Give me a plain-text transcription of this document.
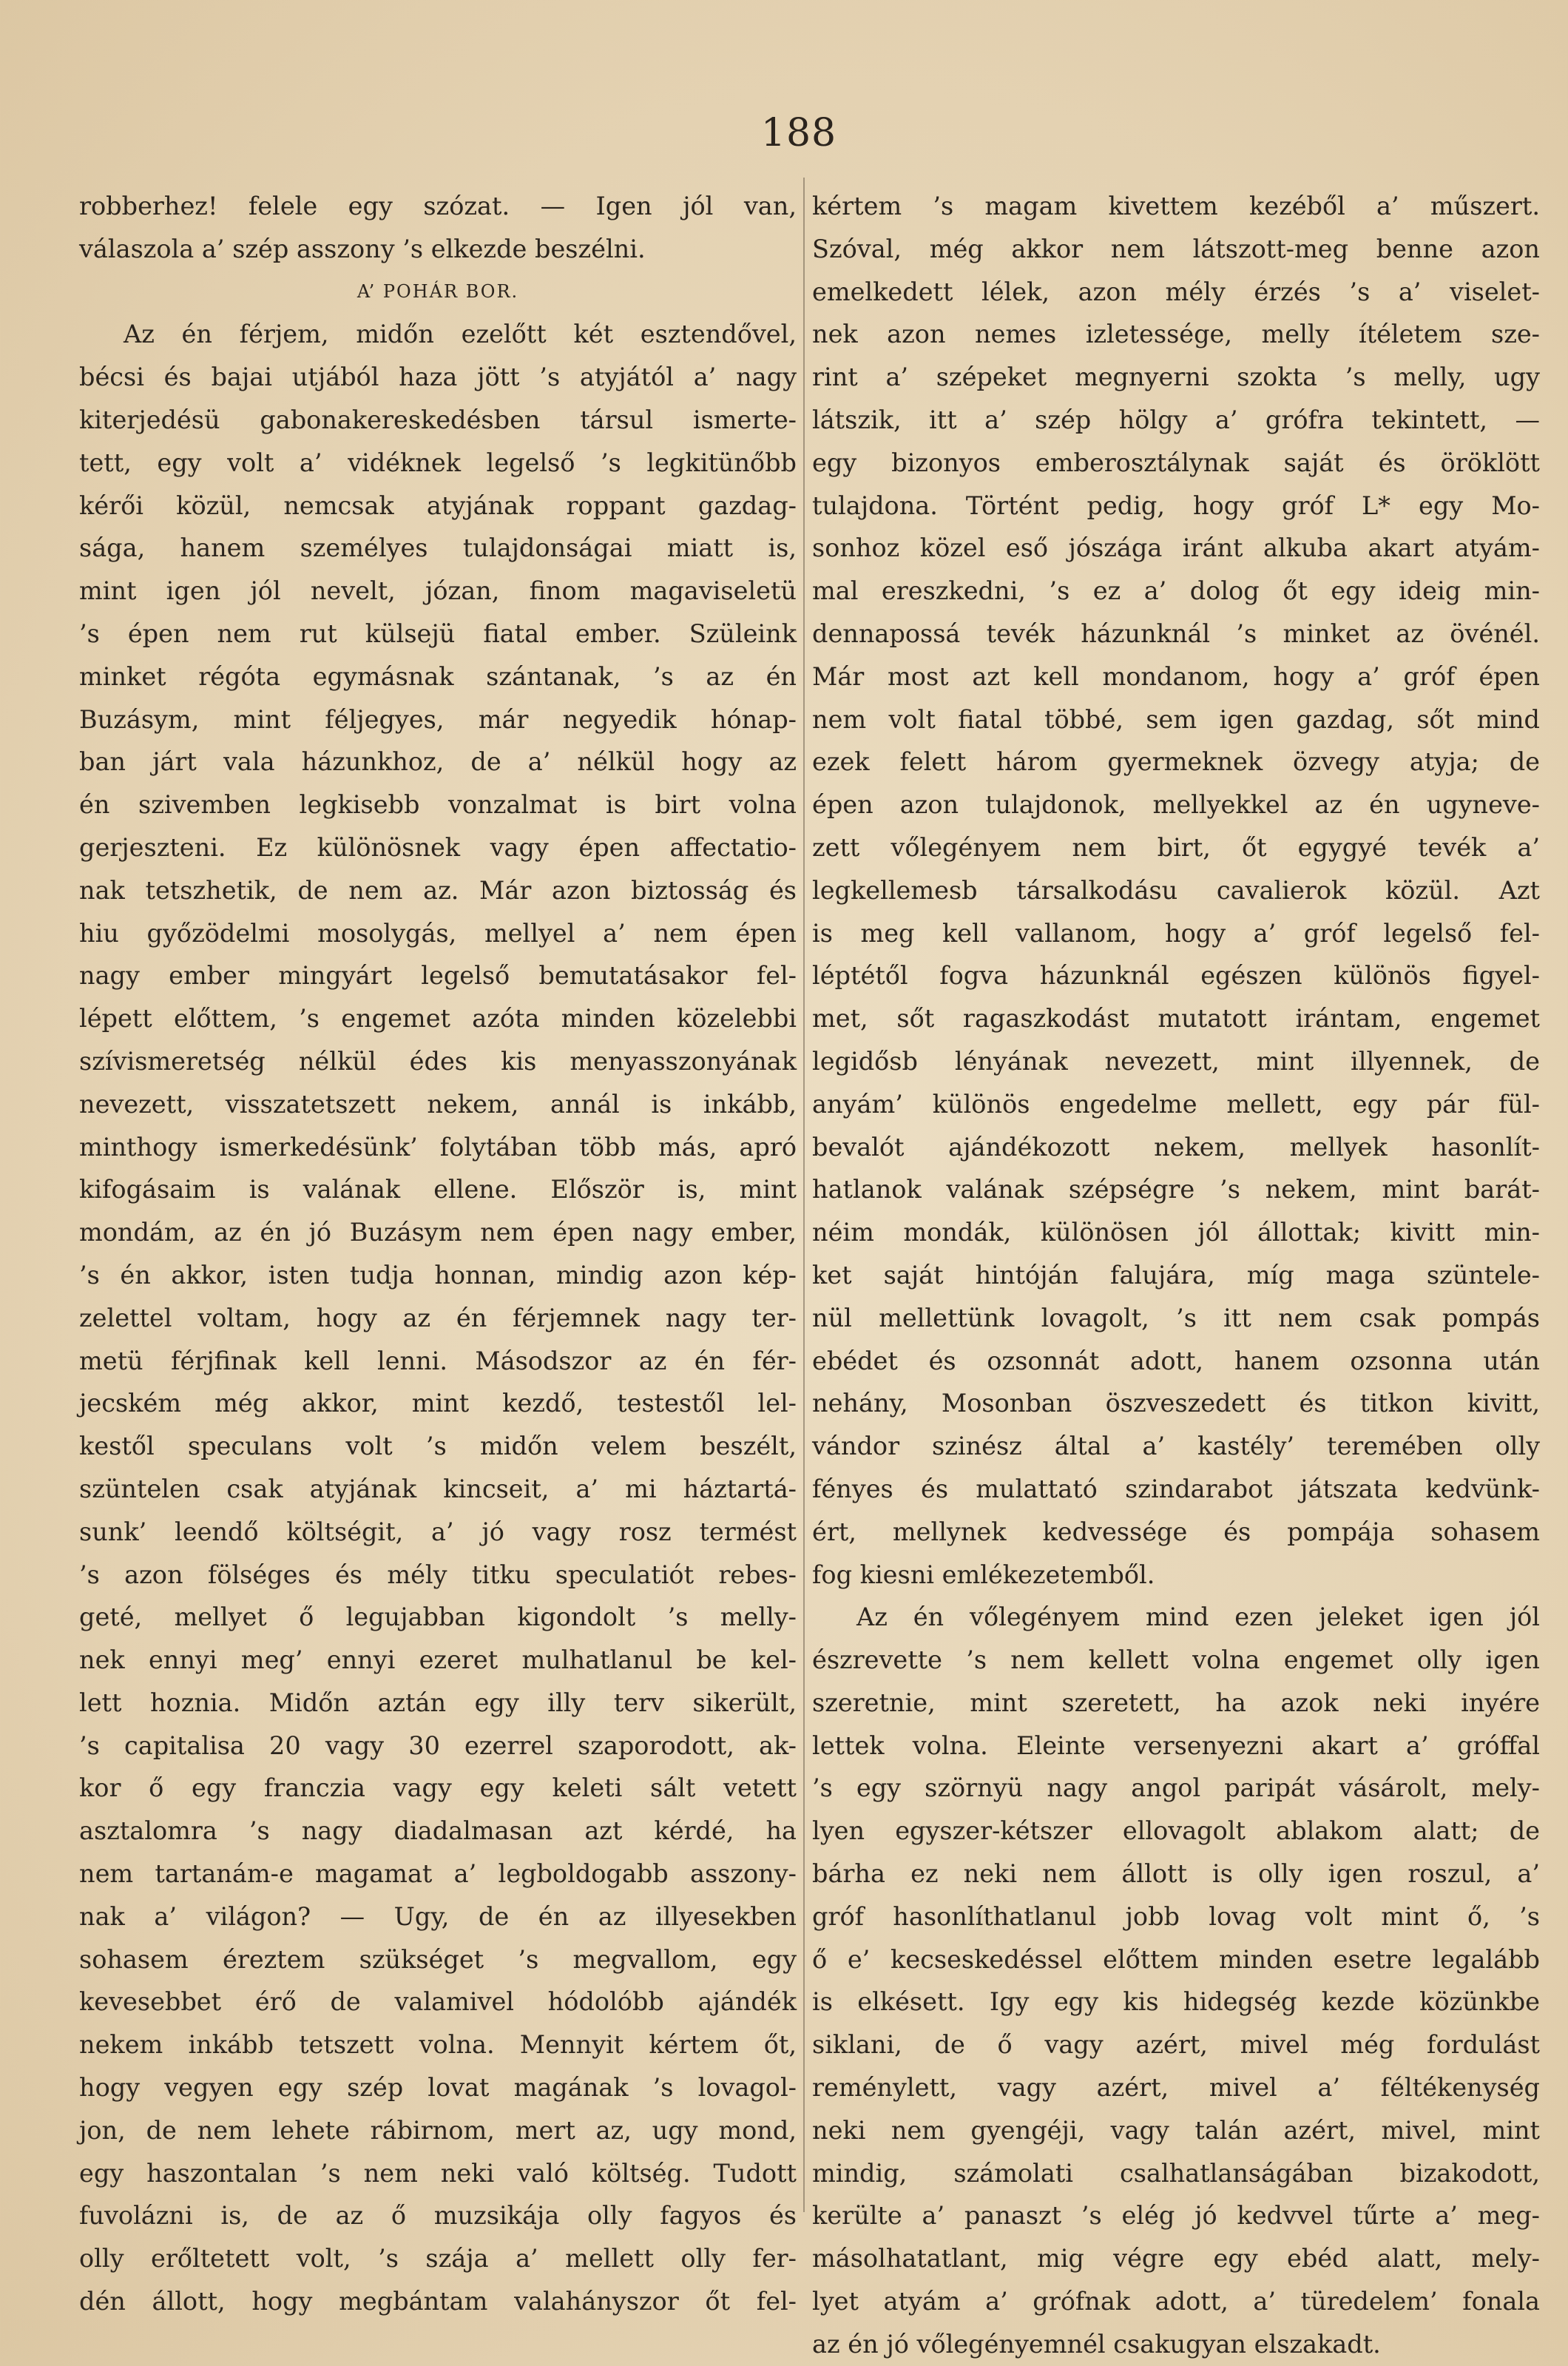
188
robberhez! felele egy szózat. — Igen jól van,
válaszola a’ szép asszony ’s elkezde beszélni.
A’ POHÁR BOR.
Az én férjem, midőn ezelőtt két esztendővel,
bécsi és bajai utjából haza jött ’s atyjától a’ nagy
kiterjedésü gabonakereskedésben társul ismerte-
tett, egy volt a’ vidéknek legelső ’s legkitünőbb
kérői közül, nemcsak atyjának roppant gazdag-
sága, hanem személyes tulajdonságai miatt is,
mint igen jól nevelt, józan, finom magaviseletü
’s épen nem rut külsejü fiatal ember. Szüleink
minket régóta egymásnak szántanak, ’s az én
Buzásym, mint féljegyes, már negyedik hónap-
ban járt vala házunkhoz, de a’ nélkül hogy az
én szivemben legkisebb vonzalmat is birt volna
gerjeszteni. Ez különösnek vagy épen affectatio-
nak tetszhetik, de nem az. Már azon biztosság és
hiu győzödelmi mosolygás, mellyel a’ nem épen
nagy ember mingyárt legelső bemutatásakor fel-
lépett előttem, ’s engemet azóta minden közelebbi
szívismeretség nélkül édes kis menyasszonyának
nevezett, visszatetszett nekem, annál is inkább,
minthogy ismerkedésünk’ folytában több más, apró
kifogásaim is valának ellene. Először is, mint
mondám, az én jó Buzásym nem épen nagy ember,
’s én akkor, isten tudja honnan, mindig azon kép-
zelettel voltam, hogy az én férjemnek nagy ter-
metü férjfinak kell lenni. Másodszor az én fér-
jecském még akkor, mint kezdő, testestől lel-
kestől speculans volt ’s midőn velem beszélt,
szüntelen csak atyjának kincseit, a’ mi háztartá-
sunk’ leendő költségit, a’ jó vagy rosz termést
’s azon fölséges és mély titku speculatiót rebes-
geté, mellyet ő legujabban kigondolt ’s melly-
nek ennyi meg’ ennyi ezeret mulhatlanul be kel-
lett hoznia. Midőn aztán egy illy terv sikerült,
’s capitalisa 20 vagy 30 ezerrel szaporodott, ak-
kor ő egy franczia vagy egy keleti sált vetett
asztalomra ’s nagy diadalmasan azt kérdé, ha
nem tartanám-e magamat a’ legboldogabb asszony-
nak a’ világon? — Ugy, de én az illyesekben
sohasem éreztem szükséget ’s megvallom, egy
kevesebbet érő de valamivel hódolóbb ajándék
nekem inkább tetszett volna. Mennyit kértem őt,
hogy vegyen egy szép lovat magának ’s lovagol-
jon, de nem lehete rábirnom, mert az, ugy mond,
egy haszontalan ’s nem neki való költség. Tudott
fuvolázni is, de az ő muzsikája olly fagyos és
olly erőltetett volt, ’s szája a’ mellett olly fer-
dén állott, hogy megbántam valahányszor őt fel-
kértem ’s magam kivettem kezéből a’ műszert.
Szóval, még akkor nem látszott-meg benne azon
emelkedett lélek, azon mély érzés ’s a’ viselet-
nek azon nemes izletessége, melly ítéletem sze-
rint a’ szépeket megnyerni szokta ’s melly, ugy
látszik, itt a’ szép hölgy a’ grófra tekintett, —
egy bizonyos emberosztálynak saját és öröklött
tulajdona. Történt pedig, hogy gróf L* egy Mo-
sonhoz közel eső jószága iránt alkuba akart atyám-
mal ereszkedni, ’s ez a’ dolog őt egy ideig min-
dennapossá tevék házunknál ’s minket az övénél.
Már most azt kell mondanom, hogy a’ gróf épen
nem volt fiatal többé, sem igen gazdag, sőt mind
ezek felett három gyermeknek özvegy atyja; de
épen azon tulajdonok, mellyekkel az én ugyneve-
zett vőlegényem nem birt, őt egygyé tevék a’
legkellemesb társalkodásu cavalierok közül. Azt
is meg kell vallanom, hogy a’ gróf legelső fel-
léptétől fogva házunknál egészen különös figyel-
met, sőt ragaszkodást mutatott irántam, engemet
legidősb lényának nevezett, mint illyennek, de
anyám’ különös engedelme mellett, egy pár fül-
bevalót ajándékozott nekem, mellyek hasonlít-
hatlanok valának szépségre ’s nekem, mint barát-
néim mondák, különösen jól állottak; kivitt min-
ket saját hintóján falujára, míg maga szüntele-
nül mellettünk lovagolt, ’s itt nem csak pompás
ebédet és ozsonnát adott, hanem ozsonna után
nehány, Mosonban öszveszedett és titkon kivitt,
vándor szinész által a’ kastély’ teremében olly
fényes és mulattató szindarabot játszata kedvünk-
ért, mellynek kedvessége és pompája sohasem
fog kiesni emlékezetemből.
Az én vőlegényem mind ezen jeleket igen jól
észrevette ’s nem kellett volna engemet olly igen
szeretnie, mint szeretett, ha azok neki inyére
lettek volna. Eleinte versenyezni akart a’ gróffal
’s egy szörnyü nagy angol paripát vásárolt, mely-
lyen egyszer-kétszer ellovagolt ablakom alatt; de
bárha ez neki nem állott is olly igen roszul, a’
gróf hasonlíthatlanul jobb lovag volt mint ő, ’s
ő e’ kecseskedéssel előttem minden esetre legalább
is elkésett. Igy egy kis hidegség kezde közünkbe
siklani, de ő vagy azért, mivel még fordulást
reménylett, vagy azért, mivel a’ féltékenység
neki nem gyengéji, vagy talán azért, mivel, mint
mindig, számolati csalhatlanságában bizakodott,
kerülte a’ panaszt ’s elég jó kedvvel tűrte a’ meg-
másolhatatlant, mig végre egy ebéd alatt, mely-
lyet atyám a’ grófnak adott, a’ türedelem’ fonala
az én jó vőlegényemnél csakugyan elszakadt.
